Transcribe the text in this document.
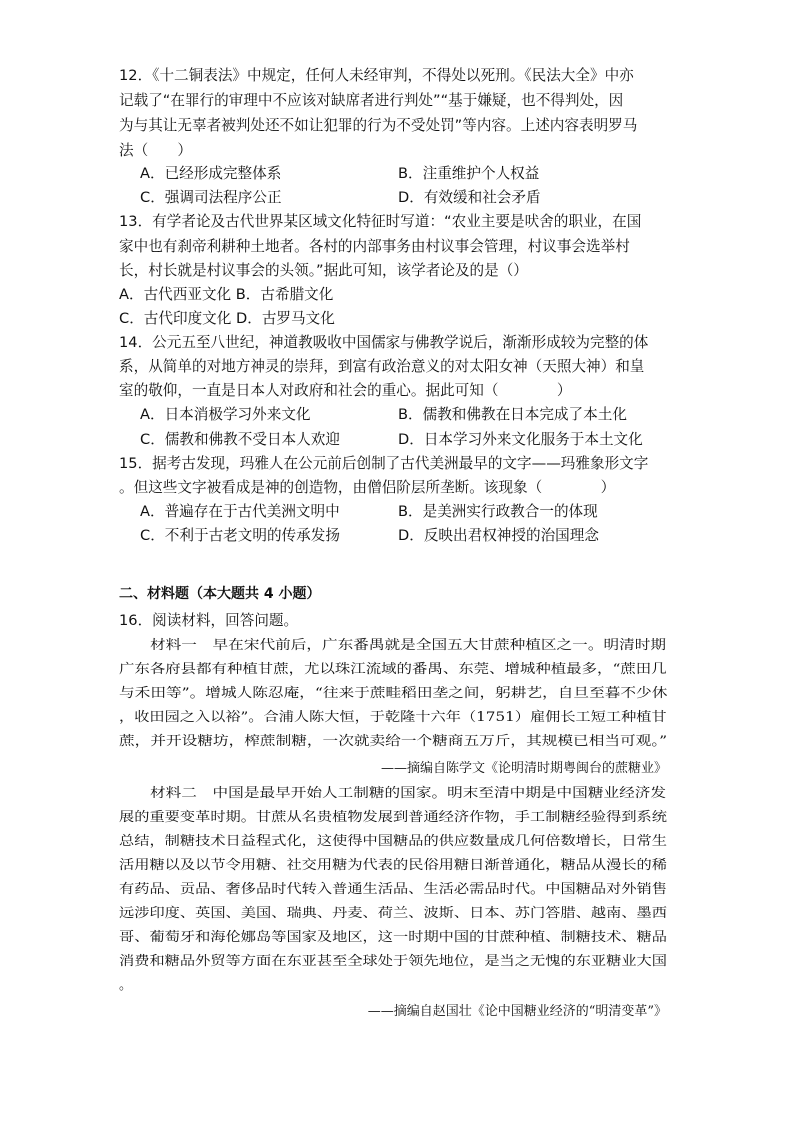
12．《十二铜表法》中规定，任何人未经审判，不得处以死刑。《民法大全》中亦
记载了“在罪行的审理中不应该对缺席者进行判处”“基于嫌疑，也不得判处，因
为与其让无辜者被判处还不如让犯罪的行为不受处罚”等内容。上述内容表明罗马
法（　　）
A．已经形成完整体系	B．注重维护个人权益
C．强调司法程序公正	D．有效缓和社会矛盾
13．有学者论及古代世界某区域文化特征时写道：“农业主要是吠舍的职业，在国
家中也有刹帝利耕种土地者。各村的内部事务由村议事会管理，村议事会选举村
长，村长就是村议事会的头领。”据此可知，该学者论及的是（）
A．古代西亚文化 B．古希腊文化
C．古代印度文化 D．古罗马文化
14．公元五至八世纪，神道教吸收中国儒家与佛教学说后，渐渐形成较为完整的体
系，从简单的对地方神灵的崇拜，到富有政治意义的对太阳女神（天照大神）和皇
室的敬仰，一直是日本人对政府和社会的重心。据此可知（　　　　）
A．日本消极学习外来文化	B．儒教和佛教在日本完成了本土化
C．儒教和佛教不受日本人欢迎	D．日本学习外来文化服务于本土文化
15．据考古发现，玛雅人在公元前后创制了古代美洲最早的文字——玛雅象形文字
。但这些文字被看成是神的创造物，由僧侣阶层所垄断。该现象（　　　　）
A．普遍存在于古代美洲文明中	B．是美洲实行政教合一的体现
C．不利于古老文明的传承发扬	D．反映出君权神授的治国理念
二、材料题（本大题共 4 小题）
16．阅读材料，回答问题。
材料一　早在宋代前后，广东番禺就是全国五大甘蔗种植区之一。明清时期
广东各府县都有种植甘蔗，尤以珠江流域的番禺、东莞、增城种植最多，“蔗田几
与禾田等”。增城人陈忍庵，“往来于蔗畦稻田垄之间，躬耕艺，自旦至暮不少休
，收田园之入以裕”。合浦人陈大恒，于乾隆十六年（1751）雇佣长工短工种植甘
蔗，并开设糖坊，榨蔗制糖，一次就卖给一个糖商五万斤，其规模已相当可观。”
——摘编自陈学文《论明清时期粤闽台的蔗糖业》
材料二　中国是最早开始人工制糖的国家。明末至清中期是中国糖业经济发
展的重要变革时期。甘蔗从名贵植物发展到普通经济作物，手工制糖经验得到系统
总结，制糖技术日益程式化，这使得中国糖品的供应数量成几何倍数增长，日常生
活用糖以及以节令用糖、社交用糖为代表的民俗用糖日渐普通化，糖品从漫长的稀
有药品、贡品、奢侈品时代转入普通生活品、生活必需品时代。中国糖品对外销售
远涉印度、英国、美国、瑞典、丹麦、荷兰、波斯、日本、苏门答腊、越南、墨西
哥、葡萄牙和海伦娜岛等国家及地区，这一时期中国的甘蔗种植、制糖技术、糖品
消费和糖品外贸等方面在东亚甚至全球处于领先地位，是当之无愧的东亚糖业大国
。
——摘编自赵国壮《论中国糖业经济的“明清变革”》
